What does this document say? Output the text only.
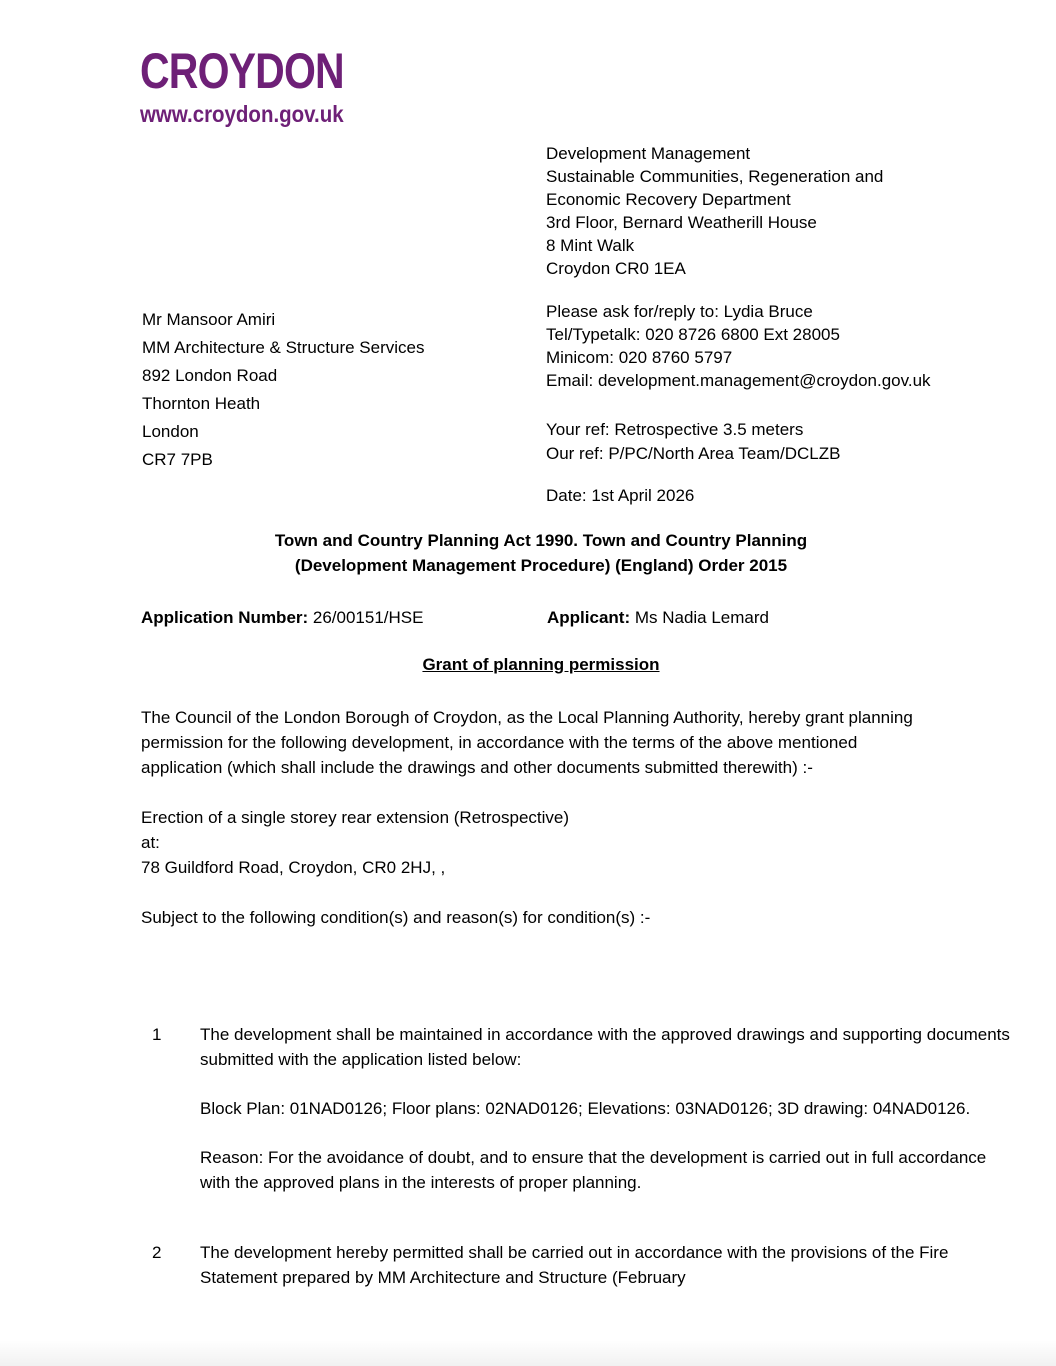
CROYDON
www.croydon.gov.uk
Development Management
Sustainable Communities, Regeneration and
Economic Recovery Department
3rd Floor, Bernard Weatherill House
8 Mint Walk
Croydon CR0 1EA
Please ask for/reply to: Lydia Bruce
Tel/Typetalk: 020 8726 6800 Ext 28005
Minicom: 020 8760 5797
Email: development.management@croydon.gov.uk
Your ref: Retrospective 3.5 meters
Our ref: P/PC/North Area Team/DCLZB
Date: 1st April 2026
Mr Mansoor Amiri
MM Architecture & Structure Services
892 London Road
Thornton Heath
London
CR7 7PB
Town and Country Planning Act 1990. Town and Country Planning
(Development Management Procedure) (England) Order 2015
Application Number: 26/00151/HSE	Applicant: Ms Nadia Lemard
Grant of planning permission
The Council of the London Borough of Croydon, as the Local Planning Authority, hereby grant planning permission for the following development, in accordance with the terms of the above mentioned application (which shall include the drawings and other documents submitted therewith) :-
Erection of a single storey rear extension (Retrospective)
at:
78 Guildford Road, Croydon, CR0 2HJ, ,
Subject to the following condition(s) and reason(s) for condition(s) :-
1	The development shall be maintained in accordance with the approved drawings and supporting documents submitted with the application listed below:

Block Plan: 01NAD0126; Floor plans: 02NAD0126; Elevations: 03NAD0126; 3D drawing: 04NAD0126.

Reason: For the avoidance of doubt, and to ensure that the development is carried out in full accordance with the approved plans in the interests of proper planning.

2	The development hereby permitted shall be carried out in accordance with the provisions of the Fire Statement prepared by MM Architecture and Structure (February
